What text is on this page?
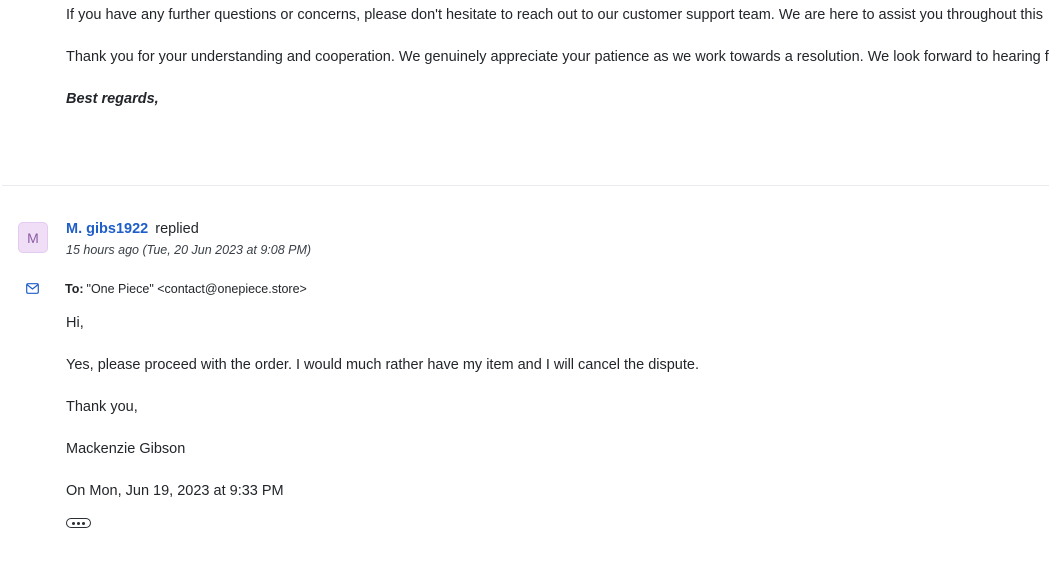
If you have any further questions or concerns, please don't hesitate to reach out to our customer support team. We are here to assist you throughout this
Thank you for your understanding and cooperation. We genuinely appreciate your patience as we work towards a resolution. We look forward to hearing f
Best regards,
M
M. gibs1922 replied
15 hours ago (Tue, 20 Jun 2023 at 9:08 PM)
To: "One Piece" <contact@onepiece.store>
Hi,
Yes, please proceed with the order. I would much rather have my item and I will cancel the dispute.
Thank you,
Mackenzie Gibson
On Mon, Jun 19, 2023 at 9:33 PM
